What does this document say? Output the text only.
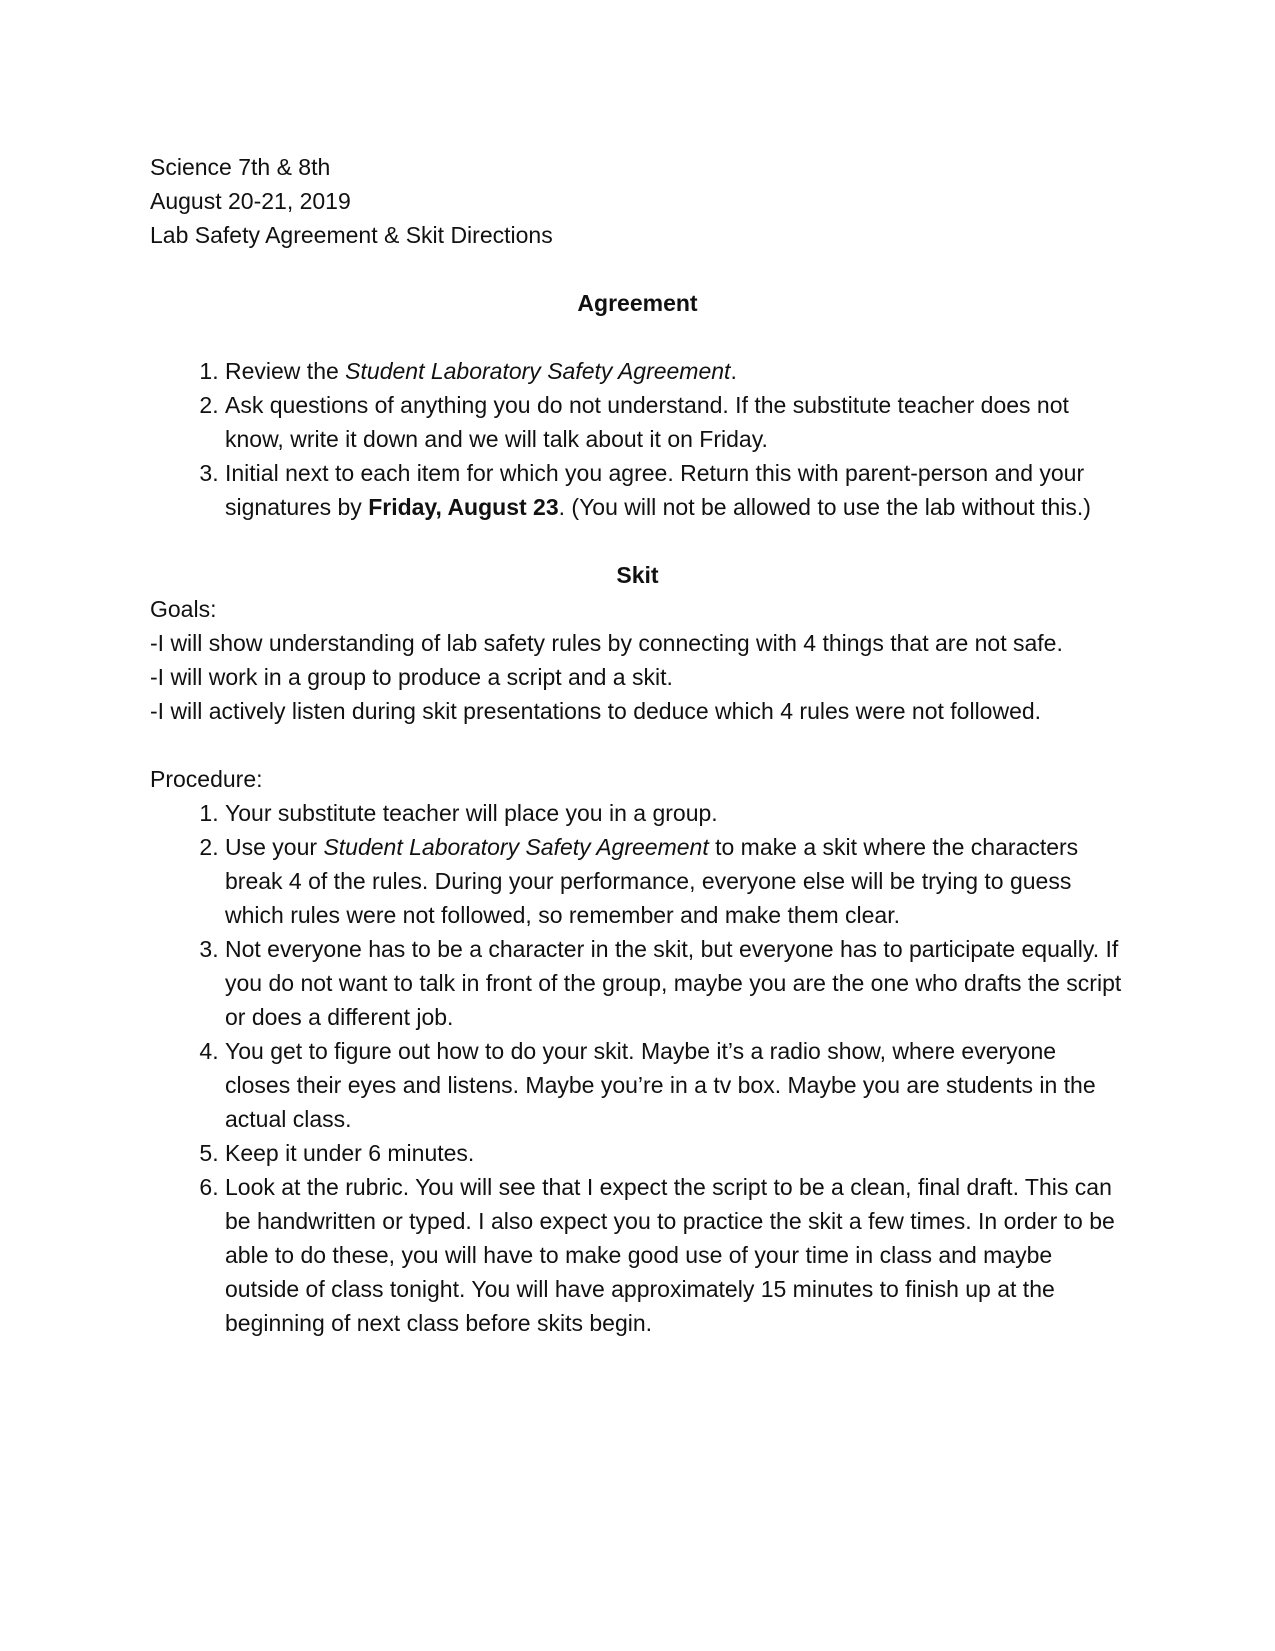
Science 7th & 8th

August 20-21, 2019

Lab Safety Agreement & Skit Directions

Agreement

1. Review the Student Laboratory Safety Agreement.
2. Ask questions of anything you do not understand. If the substitute teacher does not know, write it down and we will talk about it on Friday.
3. Initial next to each item for which you agree. Return this with parent-person and your signatures by Friday, August 23. (You will not be allowed to use the lab without this.)

Skit

Goals:

-I will show understanding of lab safety rules by connecting with 4 things that are not safe.

-I will work in a group to produce a script and a skit.

-I will actively listen during skit presentations to deduce which 4 rules were not followed.

Procedure:

1. Your substitute teacher will place you in a group.
2. Use your Student Laboratory Safety Agreement to make a skit where the characters break 4 of the rules. During your performance, everyone else will be trying to guess which rules were not followed, so remember and make them clear.
3. Not everyone has to be a character in the skit, but everyone has to participate equally. If you do not want to talk in front of the group, maybe you are the one who drafts the script or does a different job.
4. You get to figure out how to do your skit. Maybe it’s a radio show, where everyone closes their eyes and listens. Maybe you’re in a tv box. Maybe you are students in the actual class.
5. Keep it under 6 minutes.
6. Look at the rubric. You will see that I expect the script to be a clean, final draft. This can be handwritten or typed. I also expect you to practice the skit a few times. In order to be able to do these, you will have to make good use of your time in class and maybe outside of class tonight. You will have approximately 15 minutes to finish up at the beginning of next class before skits begin.
